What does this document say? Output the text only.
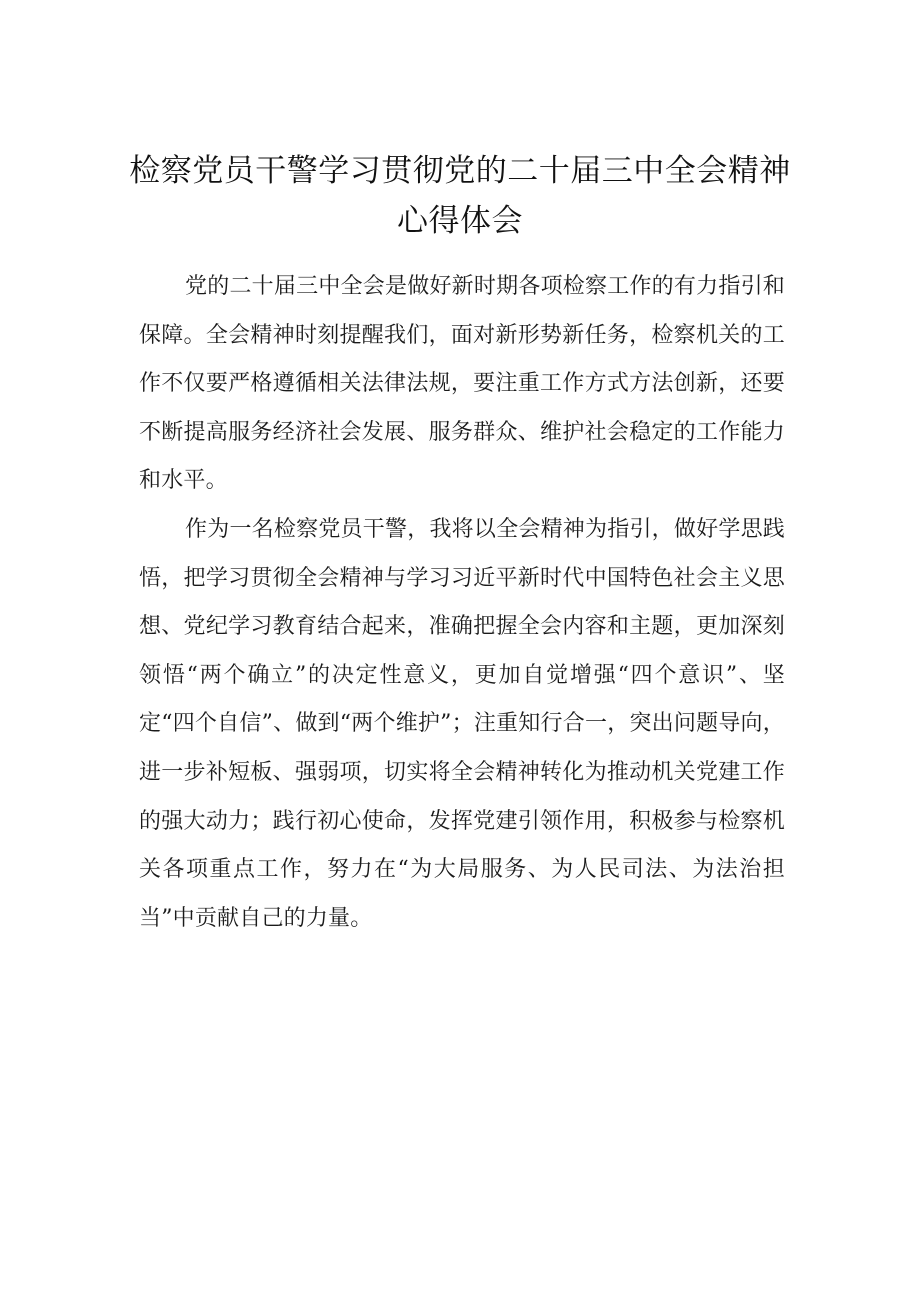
检察党员干警学习贯彻党的二十届三中全会精神心得体会

党的二十届三中全会是做好新时期各项检察工作的有力指引和保障。全会精神时刻提醒我们，面对新形势新任务，检察机关的工作不仅要严格遵循相关法律法规，要注重工作方式方法创新，还要不断提高服务经济社会发展、服务群众、维护社会稳定的工作能力和水平。

作为一名检察党员干警，我将以全会精神为指引，做好学思践悟，把学习贯彻全会精神与学习习近平新时代中国特色社会主义思想、党纪学习教育结合起来，准确把握全会内容和主题，更加深刻领悟“两个确立”的决定性意义，更加自觉增强“四个意识”、坚定“四个自信”、做到“两个维护”；注重知行合一，突出问题导向，进一步补短板、强弱项，切实将全会精神转化为推动机关党建工作的强大动力；践行初心使命，发挥党建引领作用，积极参与检察机关各项重点工作，努力在“为大局服务、为人民司法、为法治担当”中贡献自己的力量。
